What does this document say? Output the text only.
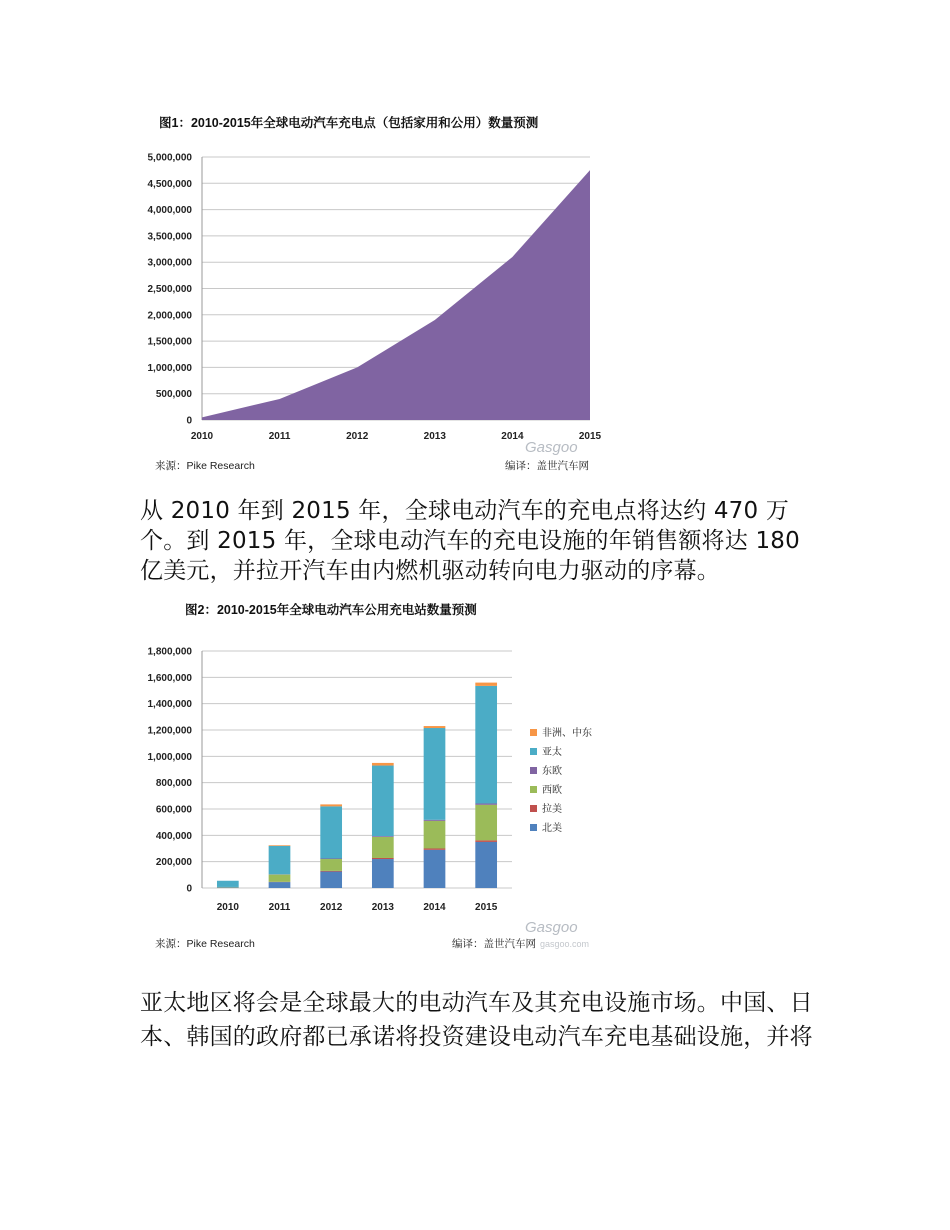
图1：2010-2015年全球电动汽车充电点（包括家用和公用）数量预测
0
500,000
1,000,000
1,500,000
2,000,000
2,500,000
3,000,000
3,500,000
4,000,000
4,500,000
5,000,000
2010	2011	2012	2013	2014	2015
来源：Pike Research	编译：盖世汽车网
Gasgoo

从 2010 年到 2015 年，全球电动汽车的充电点将达约 470 万个。到 2015 年，全球电动汽车的充电设施的年销售额将达 180 亿美元，并拉开汽车由内燃机驱动转向电力驱动的序幕。

图2：2010-2015年全球电动汽车公用充电站数量预测
0
200,000
400,000
600,000
800,000
1,000,000
1,200,000
1,400,000
1,600,000
1,800,000
2010	2011	2012	2013	2014	2015
非洲、中东
亚太
东欧
西欧
拉美
北美
来源：Pike Research	编译：盖世汽车网
Gasgoo
gasgoo.com

亚太地区将会是全球最大的电动汽车及其充电设施市场。中国、日本、韩国的政府都已承诺将投资建设电动汽车充电基础设施，并将
